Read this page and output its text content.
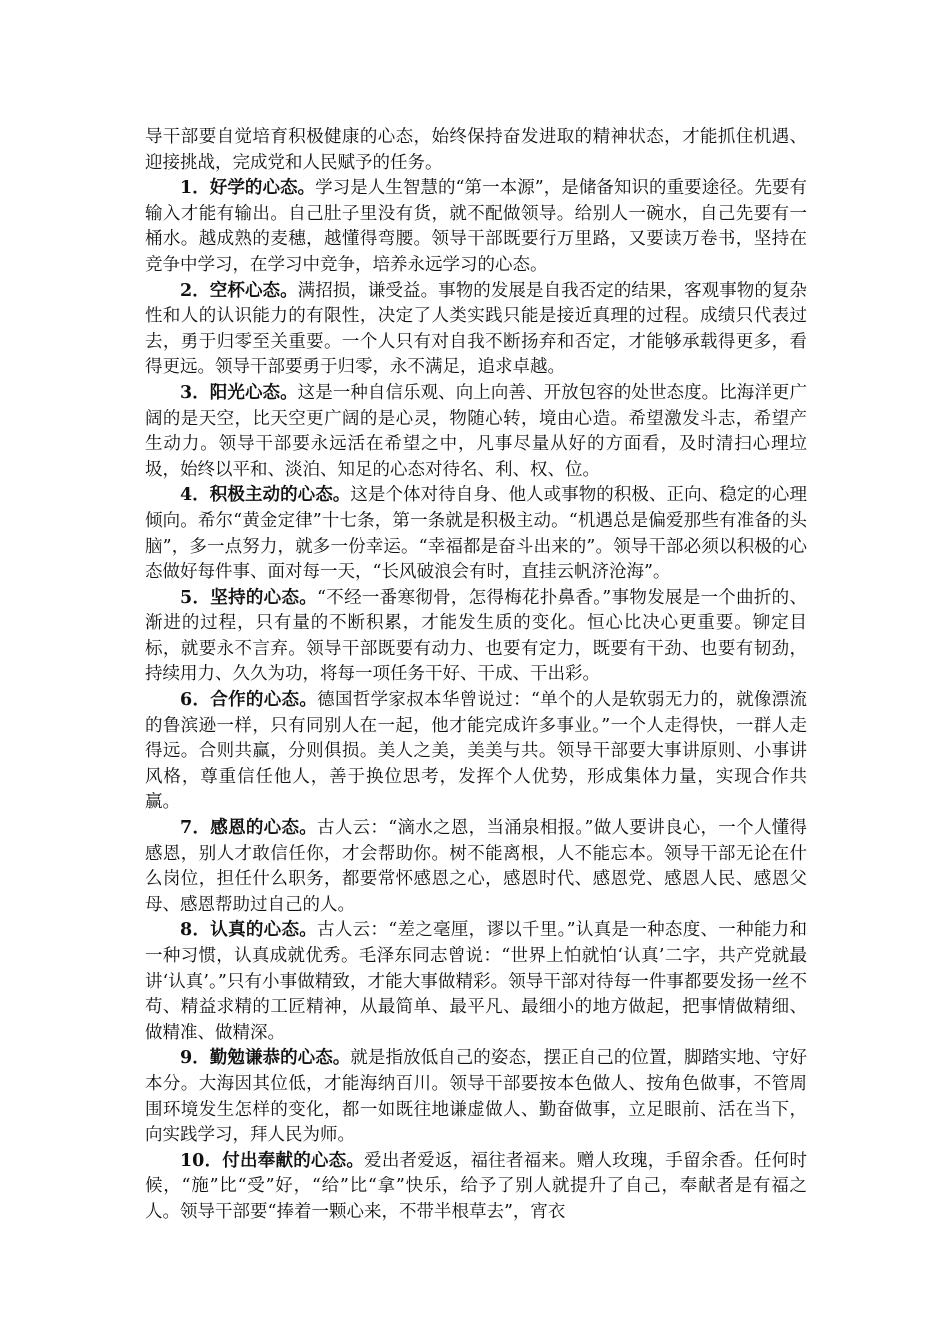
导干部要自觉培育积极健康的心态，始终保持奋发进取的精神状态，才能抓住机遇、迎接挑战，完成党和人民赋予的任务。

1．好学的心态。学习是人生智慧的“第一本源”，是储备知识的重要途径。先要有输入才能有输出。自己肚子里没有货，就不配做领导。给别人一碗水，自己先要有一桶水。越成熟的麦穗，越懂得弯腰。领导干部既要行万里路，又要读万卷书，坚持在竞争中学习，在学习中竞争，培养永远学习的心态。

2．空杯心态。满招损，谦受益。事物的发展是自我否定的结果，客观事物的复杂性和人的认识能力的有限性，决定了人类实践只能是接近真理的过程。成绩只代表过去，勇于归零至关重要。一个人只有对自我不断扬弃和否定，才能够承载得更多，看得更远。领导干部要勇于归零，永不满足，追求卓越。

3．阳光心态。这是一种自信乐观、向上向善、开放包容的处世态度。比海洋更广阔的是天空，比天空更广阔的是心灵，物随心转，境由心造。希望激发斗志，希望产生动力。领导干部要永远活在希望之中，凡事尽量从好的方面看，及时清扫心理垃圾，始终以平和、淡泊、知足的心态对待名、利、权、位。

4．积极主动的心态。这是个体对待自身、他人或事物的积极、正向、稳定的心理倾向。希尔“黄金定律”十七条，第一条就是积极主动。“机遇总是偏爱那些有准备的头脑”，多一点努力，就多一份幸运。“幸福都是奋斗出来的”。领导干部必须以积极的心态做好每件事、面对每一天，“长风破浪会有时，直挂云帆济沧海”。

5．坚持的心态。“不经一番寒彻骨，怎得梅花扑鼻香。”事物发展是一个曲折的、渐进的过程，只有量的不断积累，才能发生质的变化。恒心比决心更重要。铆定目标，就要永不言弃。领导干部既要有动力、也要有定力，既要有干劲、也要有韧劲，持续用力、久久为功，将每一项任务干好、干成、干出彩。

6．合作的心态。德国哲学家叔本华曾说过：“单个的人是软弱无力的，就像漂流的鲁滨逊一样，只有同别人在一起，他才能完成许多事业。”一个人走得快，一群人走得远。合则共赢，分则俱损。美人之美，美美与共。领导干部要大事讲原则、小事讲风格，尊重信任他人，善于换位思考，发挥个人优势，形成集体力量，实现合作共赢。

7．感恩的心态。古人云：“滴水之恩，当涌泉相报。”做人要讲良心，一个人懂得感恩，别人才敢信任你，才会帮助你。树不能离根，人不能忘本。领导干部无论在什么岗位，担任什么职务，都要常怀感恩之心，感恩时代、感恩党、感恩人民、感恩父母、感恩帮助过自己的人。

8．认真的心态。古人云：“差之毫厘，谬以千里。”认真是一种态度、一种能力和一种习惯，认真成就优秀。毛泽东同志曾说：“世界上怕就怕‘认真’二字，共产党就最讲‘认真’。”只有小事做精致，才能大事做精彩。领导干部对待每一件事都要发扬一丝不苟、精益求精的工匠精神，从最简单、最平凡、最细小的地方做起，把事情做精细、做精准、做精深。

9．勤勉谦恭的心态。就是指放低自己的姿态，摆正自己的位置，脚踏实地、守好本分。大海因其位低，才能海纳百川。领导干部要按本色做人、按角色做事，不管周围环境发生怎样的变化，都一如既往地谦虚做人、勤奋做事，立足眼前、活在当下，向实践学习，拜人民为师。

10．付出奉献的心态。爱出者爱返，福往者福来。赠人玫瑰，手留余香。任何时候，“施”比“受”好，“给”比“拿”快乐，给予了别人就提升了自己，奉献者是有福之人。领导干部要“捧着一颗心来，不带半根草去”，宵衣
